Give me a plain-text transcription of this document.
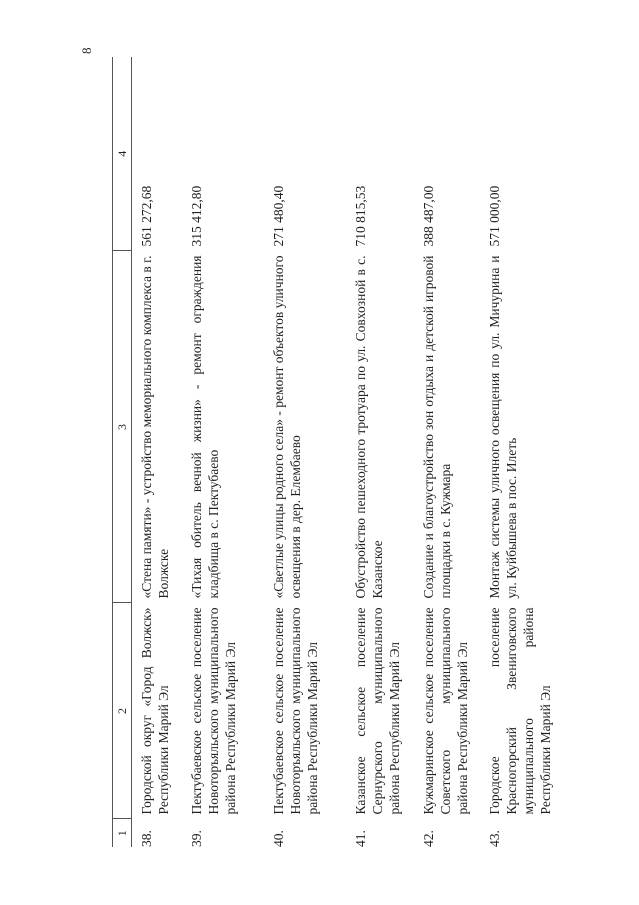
8
1	2	3	4
38.	Городской округ «Город Волжск» Республики Марий Эл	«Стена памяти» - устройство мемориального комплекса в г. Волжске	561 272,68
39.	Пектубаевское сельское поселение Новоторъяльского муниципального района Республики Марий Эл	«Тихая обитель вечной жизни» - ремонт ограждения кладбища в с. Пектубаево	315 412,80
40.	Пектубаевское сельское поселение Новоторъяльского муниципального района Республики Марий Эл	«Светлые улицы родного села» - ремонт объектов уличного освещения в дер. Елембаево	271 480,40
41.	Казанское сельское поселение Сернурского муниципального района Республики Марий Эл	Обустройство пешеходного тротуара по ул. Совхозной в с. Казанское	710 815,53
42.	Кужмаринское сельское поселение Советского муниципального района Республики Марий Эл	Создание и благоустройство зон отдыха и детской игровой площадки в с. Кужмара	388 487,00
43.	Городское поселение Красногорский Звениговского муниципального района Республики Марий Эл	Монтаж системы уличного освещения по ул. Мичурина и ул. Куйбышева в пос. Илеть	571 000,00
